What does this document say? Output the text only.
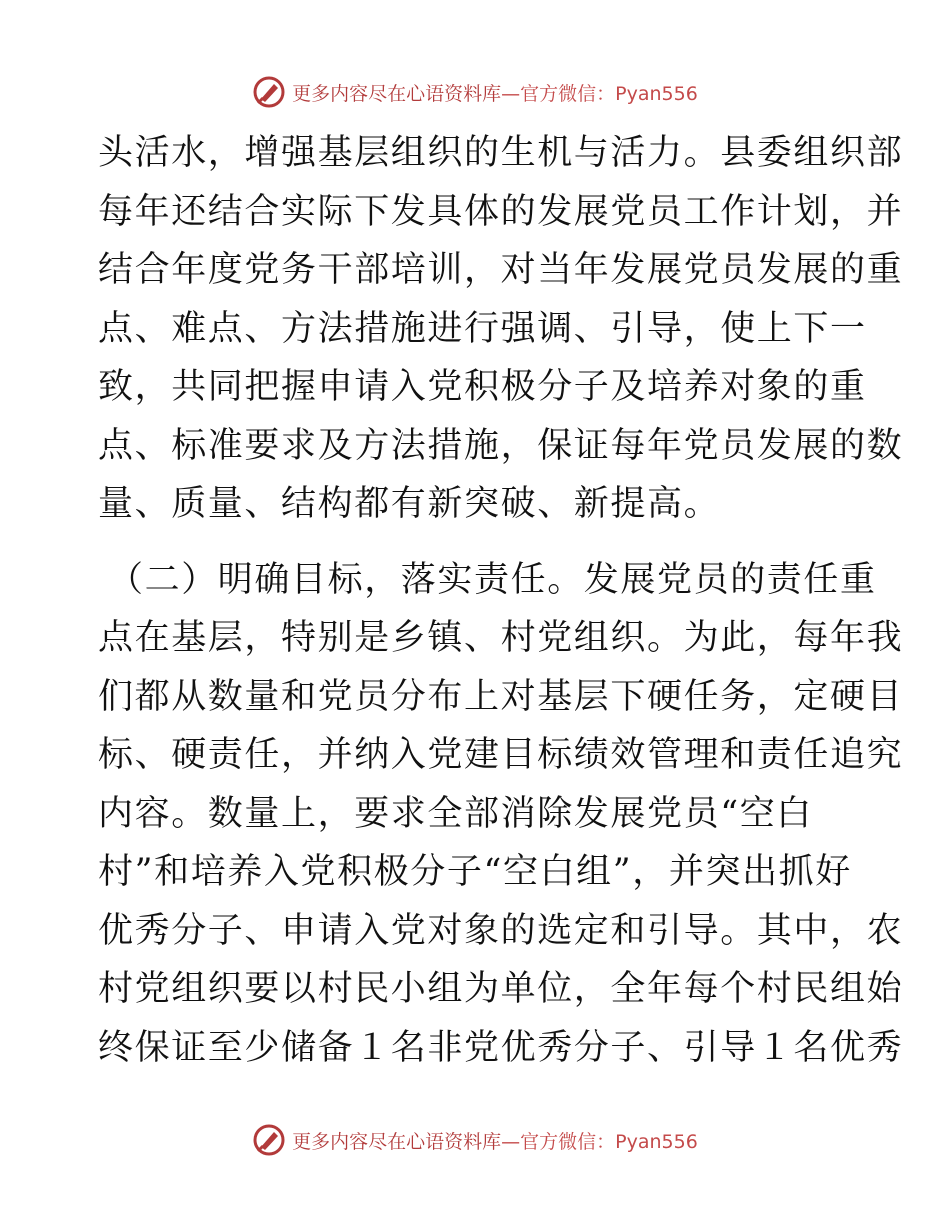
更多内容尽在心语资料库 —官方微信：Pyan556

头活水，增强基层组织的生机与活力。县委组织部

每年还结合实际下发具体的发展党员工作计划，并

结合年度党务干部培训，对当年发展党员发展的重

点、难点、方法措施进行强调、引导，使上下一

致，共同把握申请入党积极分子及培养对象的重

点、标准要求及方法措施，保证每年党员发展的数

量、质量、结构都有新突破、新提高。

（二）明确目标，落实责任。发展党员的责任重

点在基层，特别是乡镇、村党组织。为此，每年我

们都从数量和党员分布上对基层下硬任务，定硬目

标、硬责任，并纳入党建目标绩效管理和责任追究

内容。数量上，要求全部消除发展党员“空白

村”和培养入党积极分子“空白组”，并突出抓好

优秀分子、申请入党对象的选定和引导。其中，农

村党组织要以村民小组为单位，全年每个村民组始

终保证至少储备１名非党优秀分子、引导１名优秀

更多内容尽在心语资料库 —官方微信：Pyan556
